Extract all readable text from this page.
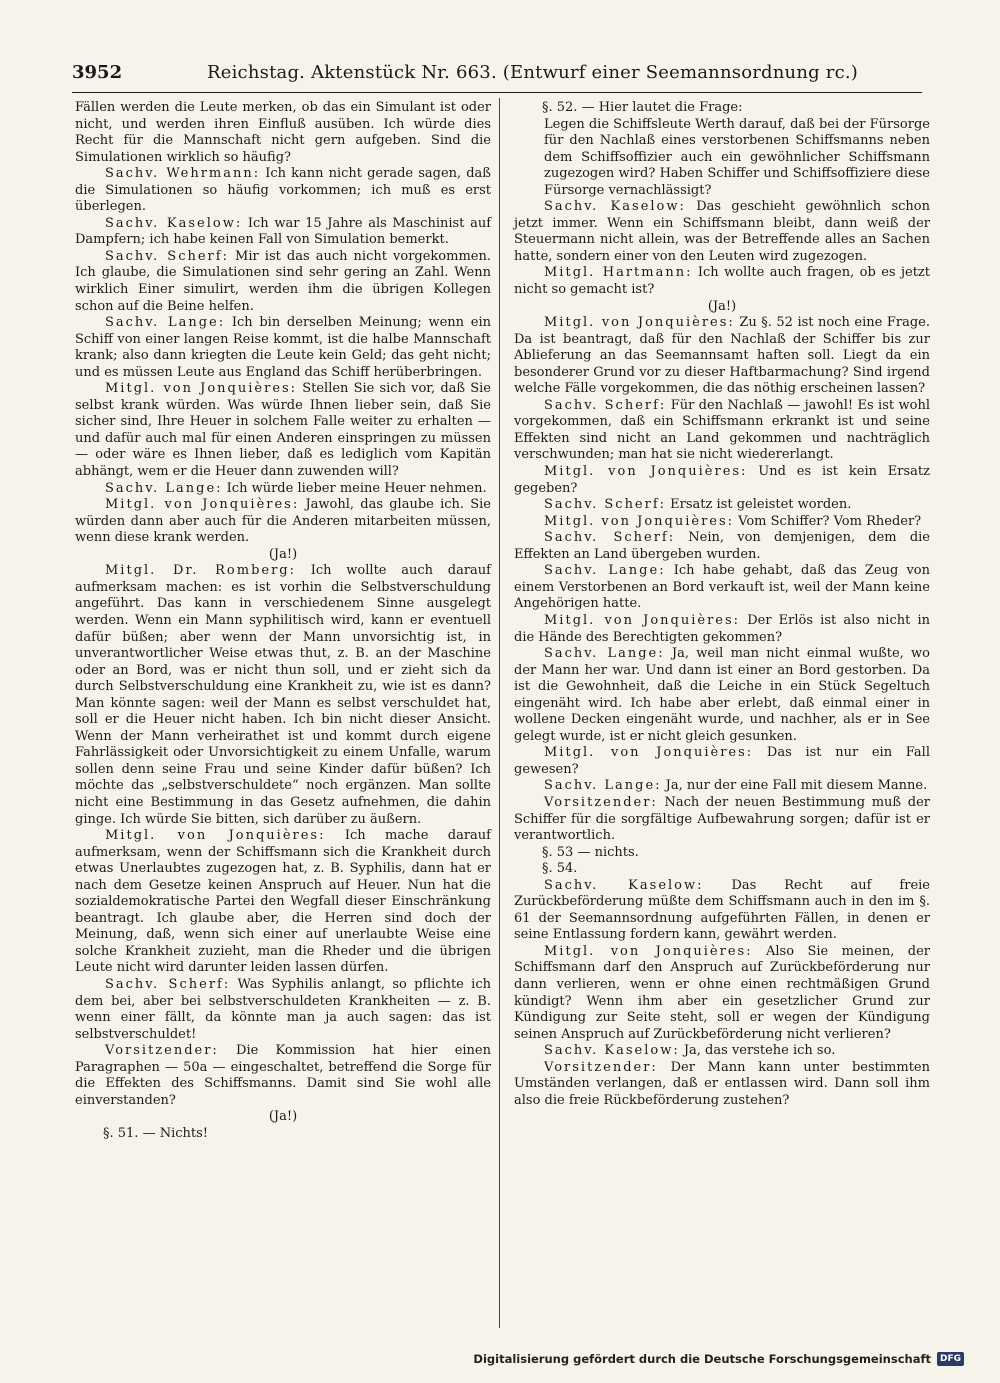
3952	Reichstag. Aktenstück Nr. 663. (Entwurf einer Seemannsordnung rc.)

Fällen werden die Leute merken, ob das ein Simulant ist oder nicht, und werden ihren Einfluß ausüben. Ich würde dies Recht für die Mannschaft nicht gern aufgeben. Sind die Simulationen wirklich so häufig?

Sachv. Wehrmann: Ich kann nicht gerade sagen, daß die Simulationen so häufig vorkommen; ich muß es erst überlegen.

Sachv. Kaselow: Ich war 15 Jahre als Maschinist auf Dampfern; ich habe keinen Fall von Simulation bemerkt.

Sachv. Scherf: Mir ist das auch nicht vorgekommen. Ich glaube, die Simulationen sind sehr gering an Zahl. Wenn wirklich Einer simulirt, werden ihm die übrigen Kollegen schon auf die Beine helfen.

Sachv. Lange: Ich bin derselben Meinung; wenn ein Schiff von einer langen Reise kommt, ist die halbe Mannschaft krank; also dann kriegten die Leute kein Geld; das geht nicht; und es müssen Leute aus England das Schiff herüberbringen.

Mitgl. von Jonquières: Stellen Sie sich vor, daß Sie selbst krank würden. Was würde Ihnen lieber sein, daß Sie sicher sind, Ihre Heuer in solchem Falle weiter zu erhalten — und dafür auch mal für einen Anderen einspringen zu müssen — oder wäre es Ihnen lieber, daß es lediglich vom Kapitän abhängt, wem er die Heuer dann zuwenden will?

Sachv. Lange: Ich würde lieber meine Heuer nehmen.

Mitgl. von Jonquières: Jawohl, das glaube ich. Sie würden dann aber auch für die Anderen mitarbeiten müssen, wenn diese krank werden.

(Ja!)

Mitgl. Dr. Romberg: Ich wollte auch darauf aufmerksam machen: es ist vorhin die Selbstverschuldung angeführt. Das kann in verschiedenem Sinne ausgelegt werden. Wenn ein Mann syphilitisch wird, kann er eventuell dafür büßen; aber wenn der Mann unvorsichtig ist, in unverantwortlicher Weise etwas thut, z. B. an der Maschine oder an Bord, was er nicht thun soll, und er zieht sich da durch Selbstverschuldung eine Krankheit zu, wie ist es dann? Man könnte sagen: weil der Mann es selbst verschuldet hat, soll er die Heuer nicht haben. Ich bin nicht dieser Ansicht. Wenn der Mann verheirathet ist und kommt durch eigene Fahrlässigkeit oder Unvorsichtigkeit zu einem Unfalle, warum sollen denn seine Frau und seine Kinder dafür büßen? Ich möchte das „selbstverschuldete“ noch ergänzen. Man sollte nicht eine Bestimmung in das Gesetz aufnehmen, die dahin ginge. Ich würde Sie bitten, sich darüber zu äußern.

Mitgl. von Jonquières: Ich mache darauf aufmerksam, wenn der Schiffsmann sich die Krankheit durch etwas Unerlaubtes zugezogen hat, z. B. Syphilis, dann hat er nach dem Gesetze keinen Anspruch auf Heuer. Nun hat die sozialdemokratische Partei den Wegfall dieser Einschränkung beantragt. Ich glaube aber, die Herren sind doch der Meinung, daß, wenn sich einer auf unerlaubte Weise eine solche Krankheit zuzieht, man die Rheder und die übrigen Leute nicht wird darunter leiden lassen dürfen.

Sachv. Scherf: Was Syphilis anlangt, so pflichte ich dem bei, aber bei selbstverschuldeten Krankheiten — z. B. wenn einer fällt, da könnte man ja auch sagen: das ist selbstverschuldet!

Vorsitzender: Die Kommission hat hier einen Paragraphen — 50a — eingeschaltet, betreffend die Sorge für die Effekten des Schiffsmanns. Damit sind Sie wohl alle einverstanden?

(Ja!)

§. 51. — Nichts!

§. 52. — Hier lautet die Frage:

Legen die Schiffsleute Werth darauf, daß bei der Fürsorge für den Nachlaß eines verstorbenen Schiffsmanns neben dem Schiffsoffizier auch ein gewöhnlicher Schiffsmann zugezogen wird? Haben Schiffer und Schiffsoffiziere diese Fürsorge vernachlässigt?

Sachv. Kaselow: Das geschieht gewöhnlich schon jetzt immer. Wenn ein Schiffsmann bleibt, dann weiß der Steuermann nicht allein, was der Betreffende alles an Sachen hatte, sondern einer von den Leuten wird zugezogen.

Mitgl. Hartmann: Ich wollte auch fragen, ob es jetzt nicht so gemacht ist?

(Ja!)

Mitgl. von Jonquières: Zu §. 52 ist noch eine Frage. Da ist beantragt, daß für den Nachlaß der Schiffer bis zur Ablieferung an das Seemannsamt haften soll. Liegt da ein besonderer Grund vor zu dieser Haftbarmachung? Sind irgend welche Fälle vorgekommen, die das nöthig erscheinen lassen?

Sachv. Scherf: Für den Nachlaß — jawohl! Es ist wohl vorgekommen, daß ein Schiffsmann erkrankt ist und seine Effekten sind nicht an Land gekommen und nachträglich verschwunden; man hat sie nicht wiedererlangt.

Mitgl. von Jonquières: Und es ist kein Ersatz gegeben?

Sachv. Scherf: Ersatz ist geleistet worden.

Mitgl. von Jonquières: Vom Schiffer? Vom Rheder?

Sachv. Scherf: Nein, von demjenigen, dem die Effekten an Land übergeben wurden.

Sachv. Lange: Ich habe gehabt, daß das Zeug von einem Verstorbenen an Bord verkauft ist, weil der Mann keine Angehörigen hatte.

Mitgl. von Jonquières: Der Erlös ist also nicht in die Hände des Berechtigten gekommen?

Sachv. Lange: Ja, weil man nicht einmal wußte, wo der Mann her war. Und dann ist einer an Bord gestorben. Da ist die Gewohnheit, daß die Leiche in ein Stück Segeltuch eingenäht wird. Ich habe aber erlebt, daß einmal einer in wollene Decken eingenäht wurde, und nachher, als er in See gelegt wurde, ist er nicht gleich gesunken.

Mitgl. von Jonquières: Das ist nur ein Fall gewesen?

Sachv. Lange: Ja, nur der eine Fall mit diesem Manne.

Vorsitzender: Nach der neuen Bestimmung muß der Schiffer für die sorgfältige Aufbewahrung sorgen; dafür ist er verantwortlich.

§. 53 — nichts.

§. 54.

Sachv. Kaselow: Das Recht auf freie Zurückbeförderung müßte dem Schiffsmann auch in den im §. 61 der Seemannsordnung aufgeführten Fällen, in denen er seine Entlassung fordern kann, gewährt werden.

Mitgl. von Jonquières: Also Sie meinen, der Schiffsmann darf den Anspruch auf Zurückbeförderung nur dann verlieren, wenn er ohne einen rechtmäßigen Grund kündigt? Wenn ihm aber ein gesetzlicher Grund zur Kündigung zur Seite steht, soll er wegen der Kündigung seinen Anspruch auf Zurückbeförderung nicht verlieren?

Sachv. Kaselow: Ja, das verstehe ich so.

Vorsitzender: Der Mann kann unter bestimmten Umständen verlangen, daß er entlassen wird. Dann soll ihm also die freie Rückbeförderung zustehen?

Digitalisierung gefördert durch die Deutsche Forschungsgemeinschaft	DFG
